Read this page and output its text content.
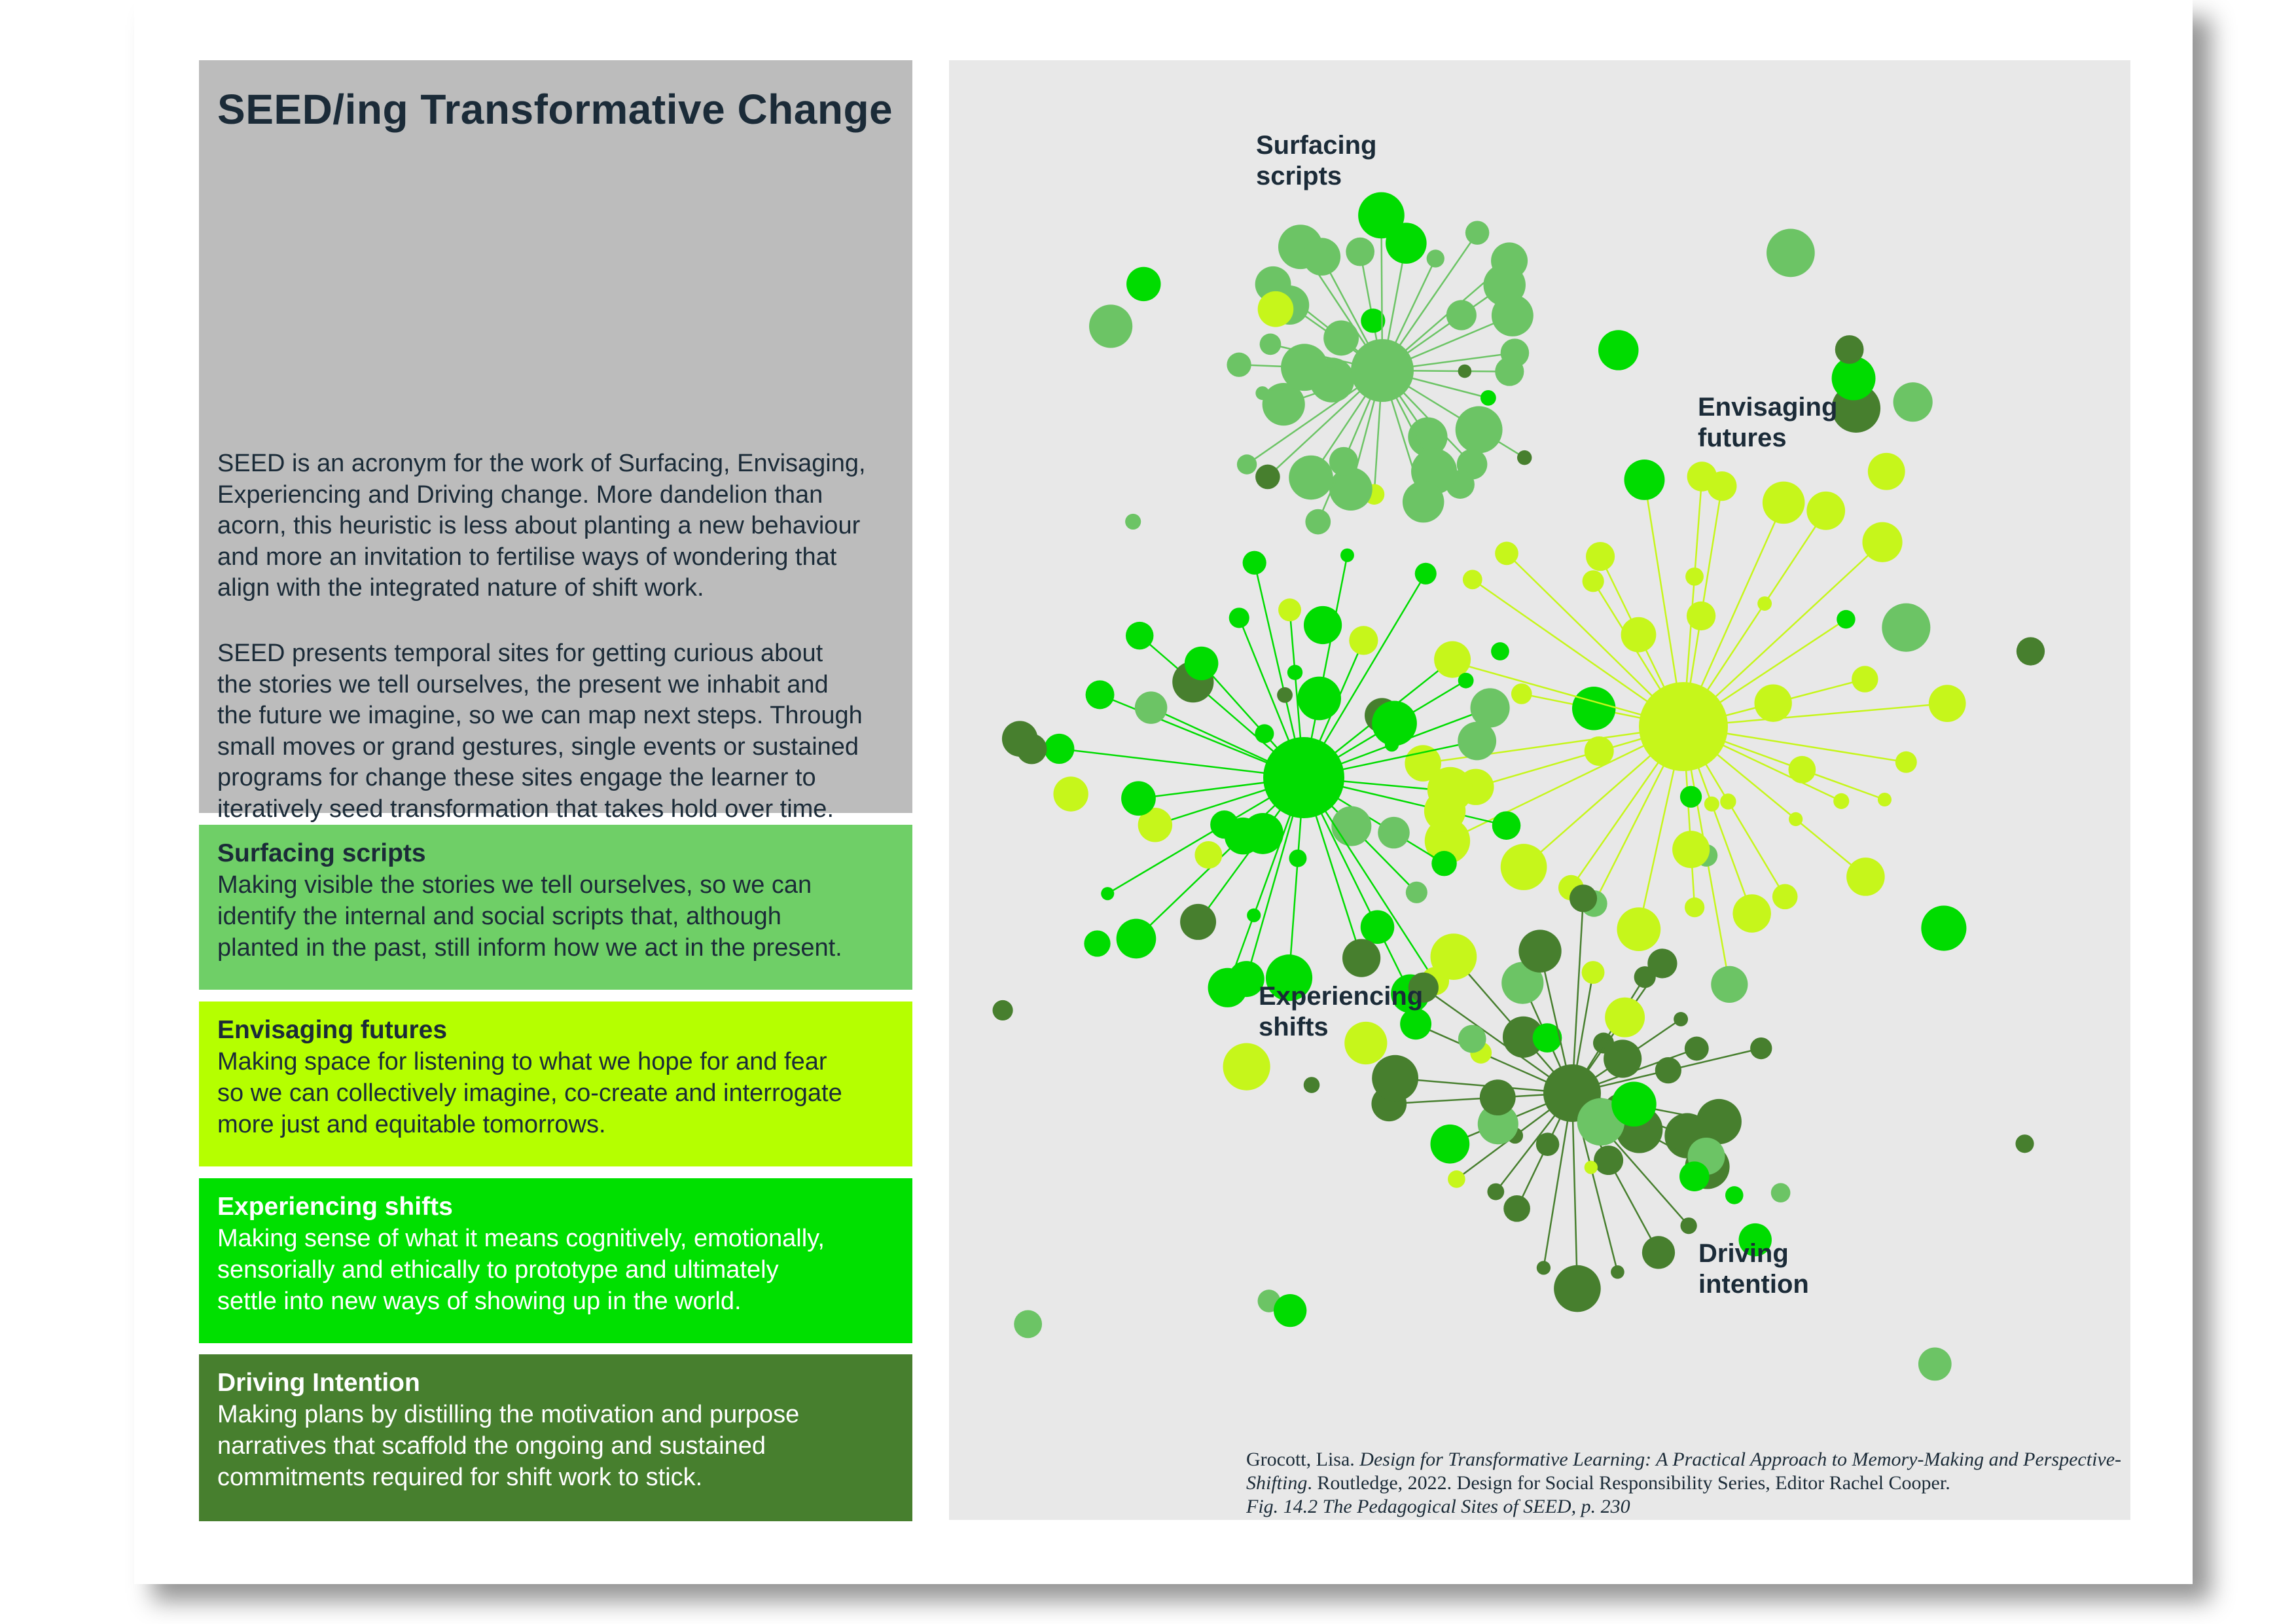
SEED/ing Transformative Change

SEED is an acronym for the work of Surfacing, Envisaging,
Experiencing and Driving change. More dandelion than
acorn, this heuristic is less about planting a new behaviour
and more an invitation to fertilise ways of wondering that
align with the integrated nature of shift work.

SEED presents temporal sites for getting curious about
the stories we tell ourselves, the present we inhabit and
the future we imagine, so we can map next steps. Through
small moves or grand gestures, single events or sustained
programs for change these sites engage the learner to
iteratively seed transformation that takes hold over time.

Surfacing scripts

Making visible the stories we tell ourselves, so we can
identify the internal and social scripts that, although
planted in the past, still inform how we act in the present.

Envisaging futures

Making space for listening to what we hope for and fear
so we can collectively imagine, co-create and interrogate
more just and equitable tomorrows.

Experiencing shifts

Making sense of what it means cognitively, emotionally,
sensorially and ethically to prototype and ultimately
settle into new ways of showing up in the world.

Driving Intention

Making plans by distilling the motivation and purpose
narratives that scaffold the ongoing and sustained
commitments required for shift work to stick.

Surfacing
scripts
Envisaging
futures
Experiencing
shifts
Driving
intention
Grocott, Lisa. Design for Transformative Learning: A Practical Approach to Memory-Making and Perspective-Shifting. Routledge, 2022. Design for Social Responsibility Series, Editor Rachel Cooper.
Fig. 14.2 The Pedagogical Sites of SEED, p. 230
